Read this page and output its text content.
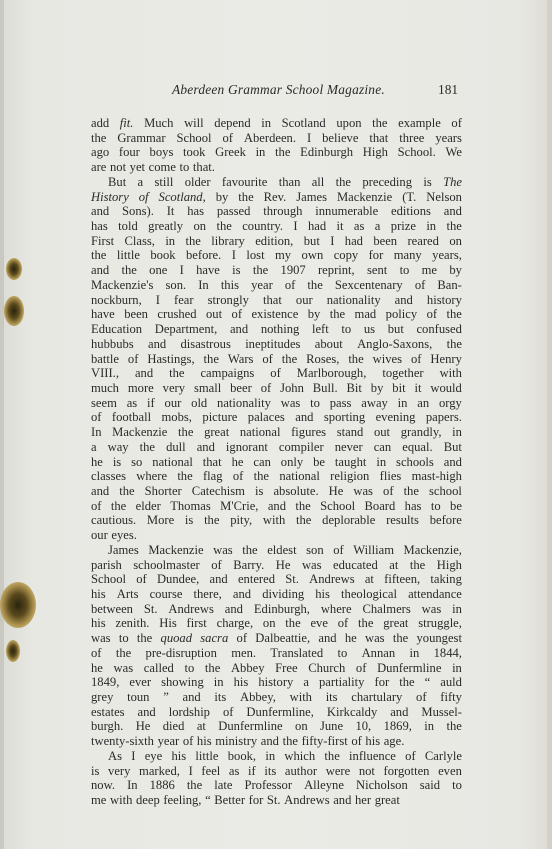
Aberdeen Grammar School Magazine.	181
add fit. Much will depend in Scotland upon the example of
the Grammar School of Aberdeen. I believe that three years
ago four boys took Greek in the Edinburgh High School. We
are not yet come to that.
But a still older favourite than all the preceding is The
History of Scotland, by the Rev. James Mackenzie (T. Nelson
and Sons). It has passed through innumerable editions and
has told greatly on the country. I had it as a prize in the
First Class, in the library edition, but I had been reared on
the little book before. I lost my own copy for many years,
and the one I have is the 1907 reprint, sent to me by
Mackenzie's son. In this year of the Sexcentenary of Ban-
nockburn, I fear strongly that our nationality and history
have been crushed out of existence by the mad policy of the
Education Department, and nothing left to us but confused
hubbubs and disastrous ineptitudes about Anglo-Saxons, the
battle of Hastings, the Wars of the Roses, the wives of Henry
VIII., and the campaigns of Marlborough, together with
much more very small beer of John Bull. Bit by bit it would
seem as if our old nationality was to pass away in an orgy
of football mobs, picture palaces and sporting evening papers.
In Mackenzie the great national figures stand out grandly, in
a way the dull and ignorant compiler never can equal. But
he is so national that he can only be taught in schools and
classes where the flag of the national religion flies mast-high
and the Shorter Catechism is absolute. He was of the school
of the elder Thomas M'Crie, and the School Board has to be
cautious. More is the pity, with the deplorable results before
our eyes.
James Mackenzie was the eldest son of William Mackenzie,
parish schoolmaster of Barry. He was educated at the High
School of Dundee, and entered St. Andrews at fifteen, taking
his Arts course there, and dividing his theological attendance
between St. Andrews and Edinburgh, where Chalmers was in
his zenith. His first charge, on the eve of the great struggle,
was to the quoad sacra of Dalbeattie, and he was the youngest
of the pre-disruption men. Translated to Annan in 1844,
he was called to the Abbey Free Church of Dunfermline in
1849, ever showing in his history a partiality for the “ auld
grey toun ” and its Abbey, with its chartulary of fifty
estates and lordship of Dunfermline, Kirkcaldy and Mussel-
burgh. He died at Dunfermline on June 10, 1869, in the
twenty-sixth year of his ministry and the fifty-first of his age.
As I eye his little book, in which the influence of Carlyle
is very marked, I feel as if its author were not forgotten even
now. In 1886 the late Professor Alleyne Nicholson said to
me with deep feeling, “ Better for St. Andrews and her great
